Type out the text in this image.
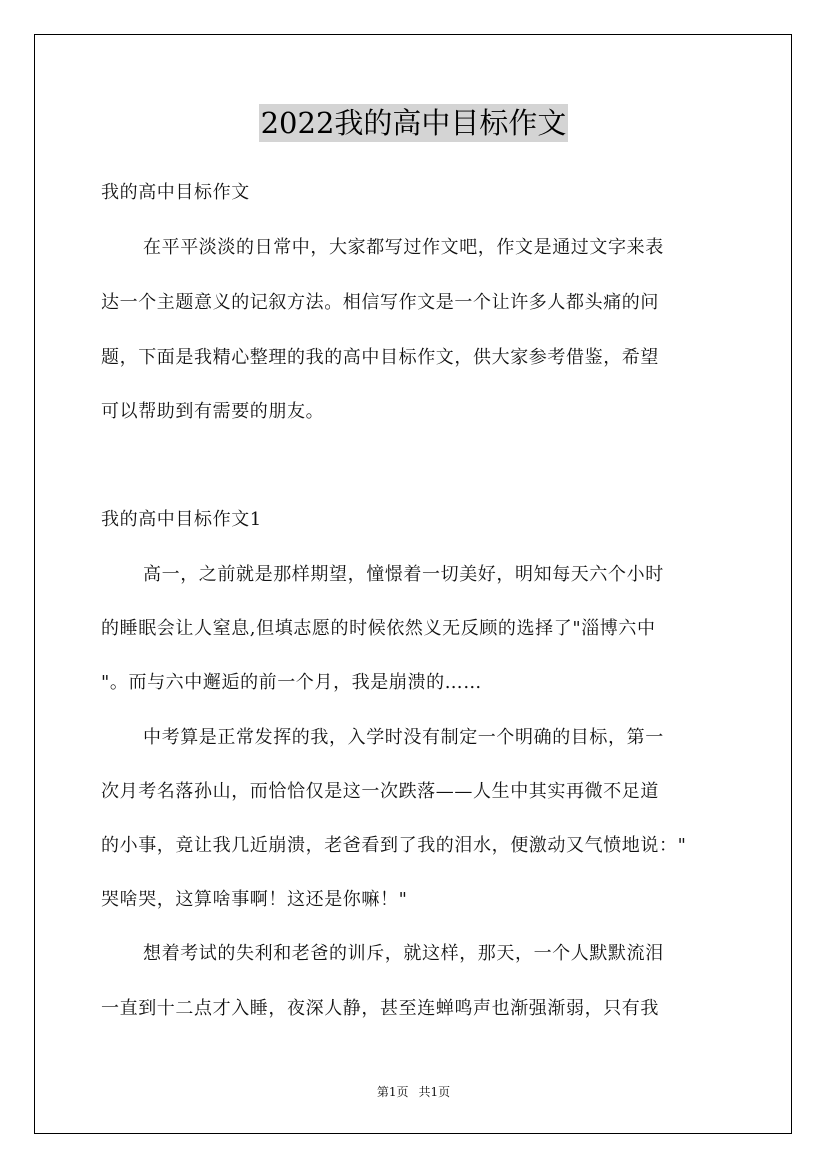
2022我的高中目标作文
我的高中目标作文
在平平淡淡的日常中，大家都写过作文吧，作文是通过文字来表
达一个主题意义的记叙方法。相信写作文是一个让许多人都头痛的问
题，下面是我精心整理的我的高中目标作文，供大家参考借鉴，希望
可以帮助到有需要的朋友。
我的高中目标作文1
高一，之前就是那样期望，憧憬着一切美好，明知每天六个小时
的睡眠会让人窒息,但填志愿的时候依然义无反顾的选择了"淄博六中
"。而与六中邂逅的前一个月，我是崩溃的……
中考算是正常发挥的我，入学时没有制定一个明确的目标，第一
次月考名落孙山，而恰恰仅是这一次跌落——人生中其实再微不足道
的小事，竟让我几近崩溃，老爸看到了我的泪水，便激动又气愤地说："
哭啥哭，这算啥事啊！这还是你嘛！"
想着考试的失利和老爸的训斥，就这样，那天，一个人默默流泪
一直到十二点才入睡，夜深人静，甚至连蝉鸣声也渐强渐弱，只有我
第1页 共1页
